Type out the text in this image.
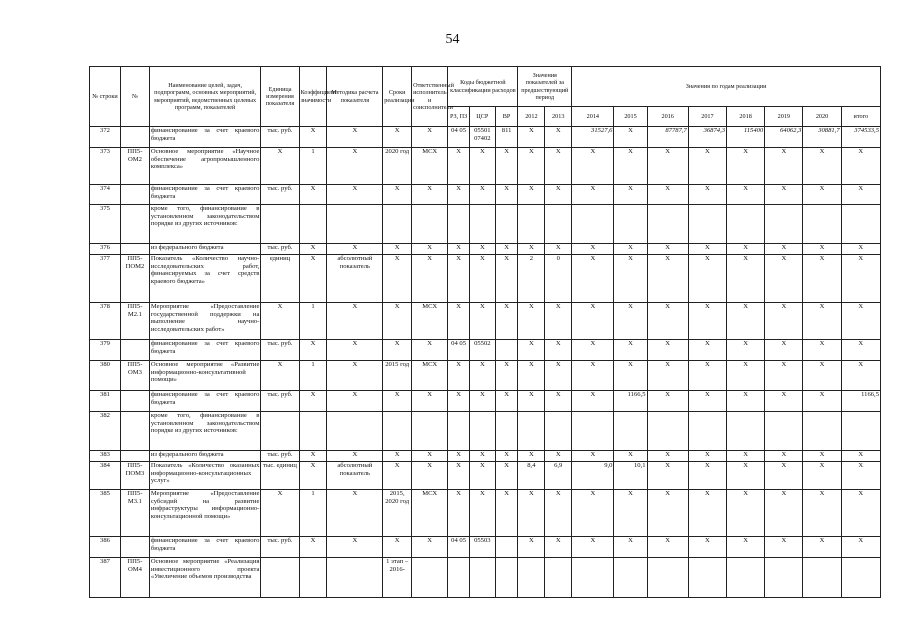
54
№ строки	№	Наименование целей, задач, подпрограмм, основных мероприятий, мероприятий, ведомственных целевых программ, показателей	Единица измерения показателя	Коэффициент значимости	Методика расчета показателя	Сроки реализации	Ответственный исполнитель и соисполнители	Коды бюджетной классификации расходов			Значения показателей за предшествующий период		Значения по годам реализации							
								РЗ, ПЗ	ЦСР	ВР	2012	2013	2014	2015	2016	2017	2018	2019	2020	итого
372		финансирование за счет краевого бюджета	тыс. руб.	X	X	X	X	04 05	05501 07402	811	X	X	31527,6	X	87787,7	36874,3	115400	64062,3	30881,7	374533,5
373	ПП5-ОМ2	Основное мероприятие «Научное обеспечение агропромышленного комплекса»	X	1	X	2020 год	МСХ	X	X	X	X	X	X	X	X	X	X	X	X	X
374		финансирование за счет краевого бюджета	тыс. руб.	X	X	X	X	X	X	X	X	X	X	X	X	X	X	X	X	X
375		кроме того, финансирование в установленном законодательством порядке из других источников:																		
376		из федерального бюджета	тыс. руб.	X	X	X	X	X	X	X	X	X	X	X	X	X	X	X	X	X
377	ПП5-ПОМ2	Показатель «Количество научно-исследовательских работ, финансируемых за счет средств краевого бюджета»	единиц	X	абсолютный показатель	X	X	X	X	X	2	0	X	X	X	X	X	X	X	X
378	ПП5-М2.1	Мероприятие «Предоставление государственной поддержки на выполнение научно-исследовательских работ»	X	1	X	X	МСХ	X	X	X	X	X	X	X	X	X	X	X	X	X
379		финансирование за счет краевого бюджета	тыс. руб.	X	X	X	X	04 05	05502		X	X	X	X	X	X	X	X	X	X
380	ПП5-ОМ3	Основное мероприятие «Развитие информационно-консультативной помощи»	X	1	X	2015 год	МСХ	X	X	X	X	X	X	X	X	X	X	X	X	X
381		финансирование за счет краевого бюджета	тыс. руб.	X	X	X	X	X	X	X	X	X	X	1166,5	X	X	X	X	X	1166,5
382		кроме того, финансирование в установленном законодательством порядке из других источников:																		
383		из федерального бюджета	тыс. руб.	X	X	X	X	X	X	X	X	X	X	X	X	X	X	X	X	X
384	ПП5-ПОМ3	Показатель «Количество оказанных информационно-консультационных услуг»	тыс. единиц	X	абсолютный показатель	X	X	X	X	X	8,4	6,9	9,0	10,1	X	X	X	X	X	X
385	ПП5-М3.1	Мероприятие «Предоставление субсидий на развитие инфраструктуры информационно-консультационной помощи»	X	1	X	2015, 2020 год	МСХ	X	X	X	X	X	X	X	X	X	X	X	X	X
386		финансирование за счет краевого бюджета	тыс. руб.	X	X	X	X	04 05	05503		X	X	X	X	X	X	X	X	X	X
387	ПП5-ОМ4	Основное мероприятие «Реализация инвестиционного проекта «Увеличение объемов производства				1 этап – 2016-														
